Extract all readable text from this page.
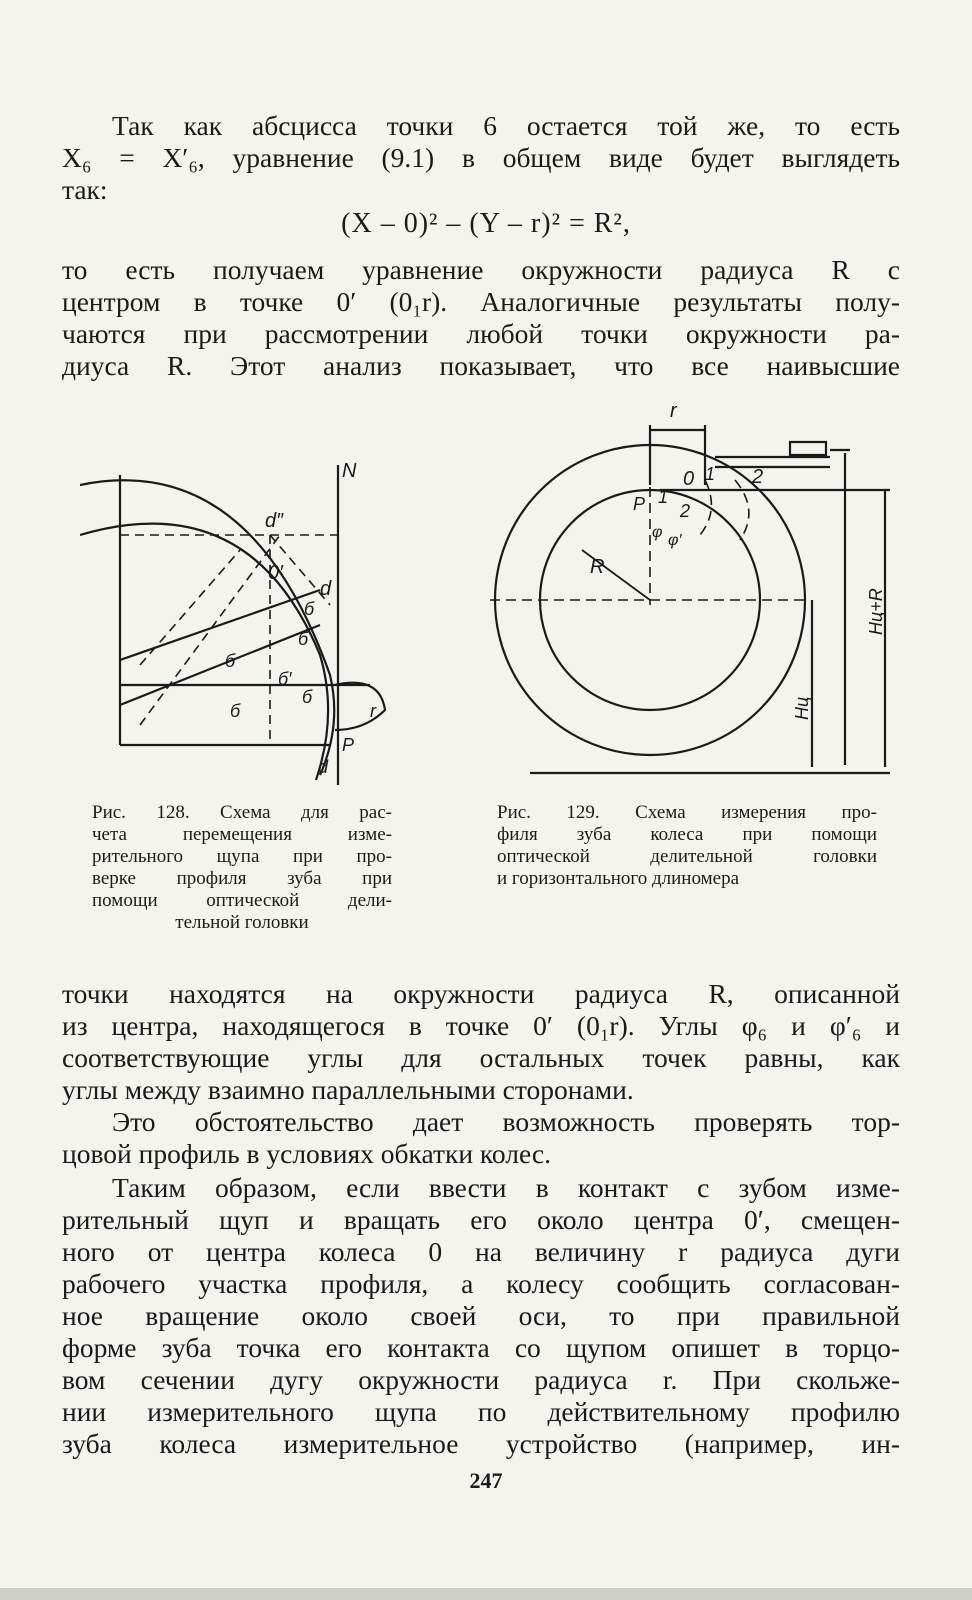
Так как абсцисса точки 6 остается той же, то есть
X₆ = X′₆, уравнение (9.1) в общем виде будет выглядеть
так:
(X – 0)² – (Y – r)² = R²,
то есть получаем уравнение окружности радиуса R с
центром в точке 0′ (0₁r). Аналогичные результаты полу-
чаются при рассмотрении любой точки окружности ра-
диуса R. Этот анализ показывает, что все наивысшие
N
d″
0′
d
б
б
б′
б
б
б	r
d
P
Рис. 128. Схема для рас-
чета перемещения изме-
рительного щупа при про-
верке профиля зуба при
помощи оптической дели-
тельной головки
r
0 1 2
P 1
2
φ φ′
R
Hц+R
Hц
Рис. 129. Схема измерения про-
филя зуба колеса при помощи
оптической делительной головки
и горизонтального длиномера
точки находятся на окружности радиуса R, описанной
из центра, находящегося в точке 0′ (0₁r). Углы φ₆ и φ′₆ и
соответствующие углы для остальных точек равны, как
углы между взаимно параллельными сторонами.
Это обстоятельство дает возможность проверять тор-
цовой профиль в условиях обкатки колес.
Таким образом, если ввести в контакт с зубом изме-
рительный щуп и вращать его около центра 0′, смещен-
ного от центра колеса 0 на величину r радиуса дуги
рабочего участка профиля, а колесу сообщить согласован-
ное вращение около своей оси, то при правильной
форме зуба точка его контакта со щупом опишет в торцо-
вом сечении дугу окружности радиуса r. При скольже-
нии измерительного щупа по действительному профилю
зуба колеса измерительное устройство (например, ин-
247
